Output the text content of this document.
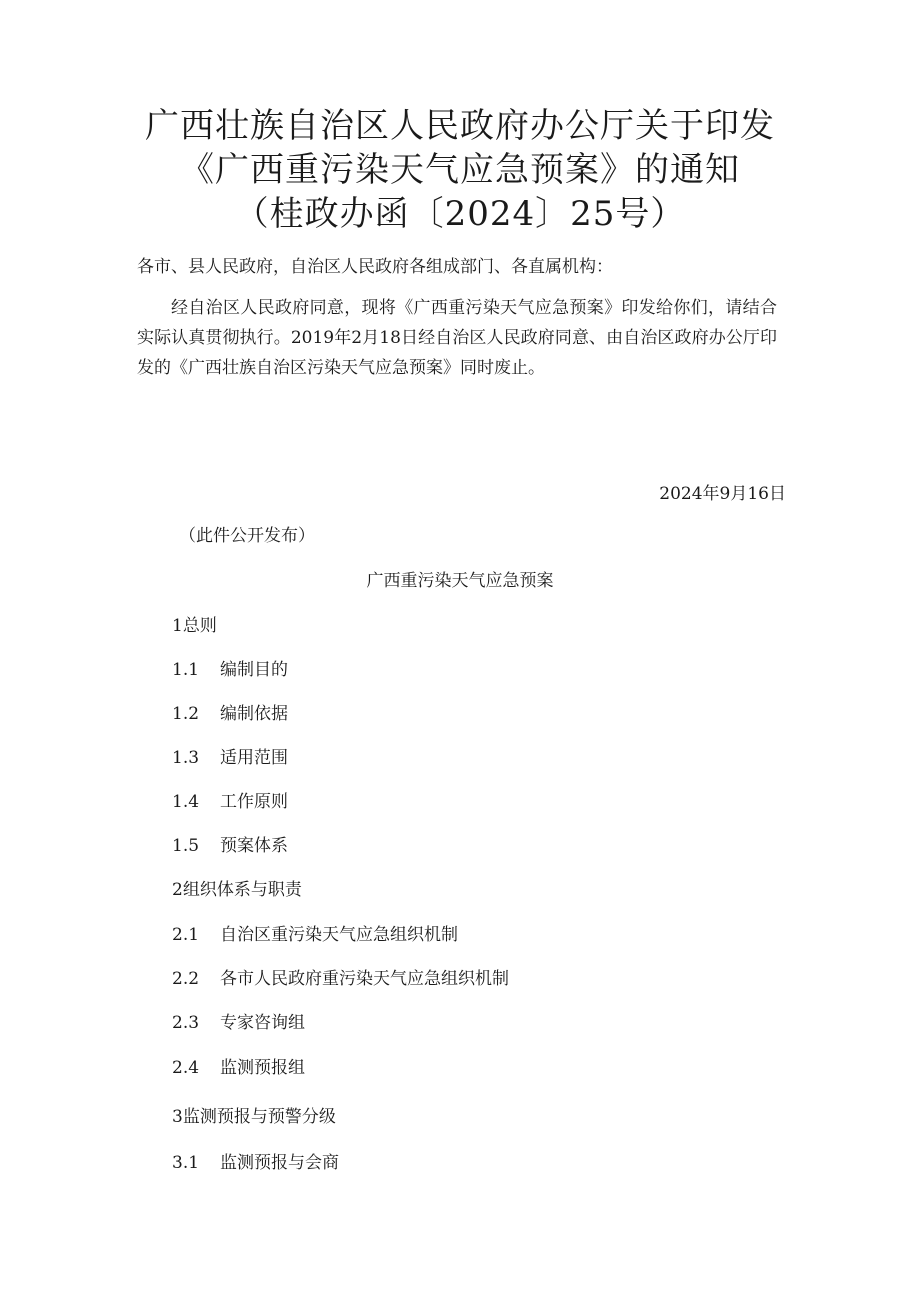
广西壮族自治区人民政府办公厅关于印发
《广西重污染天气应急预案》的通知
（桂政办函〔2024〕25号）
各市、县人民政府，自治区人民政府各组成部门、各直属机构：
经自治区人民政府同意，现将《广西重污染天气应急预案》印发给你们，请结合实际认真贯彻执行。2019年2月18日经自治区人民政府同意、由自治区政府办公厅印发的《广西壮族自治区污染天气应急预案》同时废止。
2024年9月16日
（此件公开发布）
广西重污染天气应急预案
1总则
1.1 编制目的
1.2 编制依据
1.3 适用范围
1.4 工作原则
1.5 预案体系
2组织体系与职责
2.1 自治区重污染天气应急组织机制
2.2 各市人民政府重污染天气应急组织机制
2.3 专家咨询组
2.4 监测预报组
3监测预报与预警分级
3.1 监测预报与会商
